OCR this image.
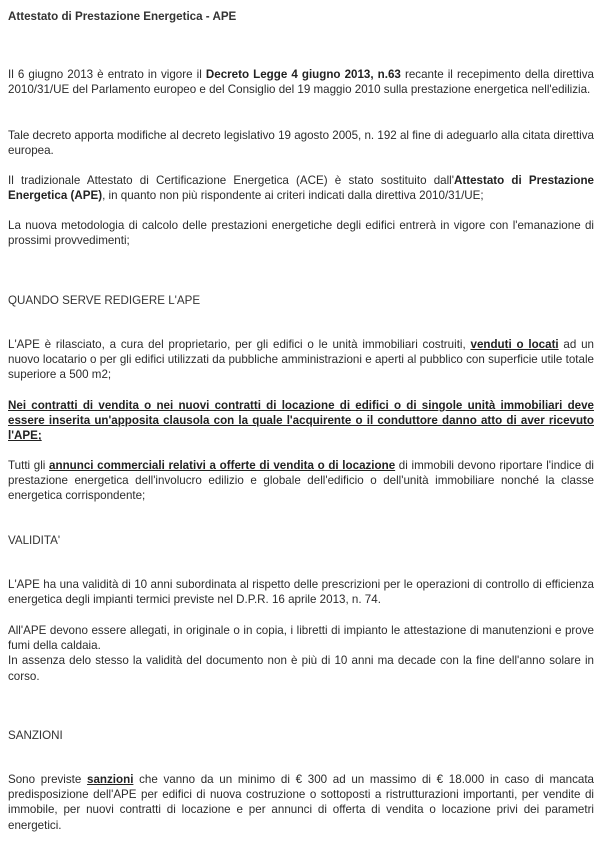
Attestato di Prestazione Energetica - APE

Il 6 giugno 2013 è entrato in vigore il Decreto Legge 4 giugno 2013, n.63 recante il recepimento della direttiva 2010/31/UE del Parlamento europeo e del Consiglio del 19 maggio 2010 sulla prestazione energetica nell'edilizia.

Tale decreto apporta modifiche al decreto legislativo 19 agosto 2005, n. 192 al fine di adeguarlo alla citata direttiva europea.

Il tradizionale Attestato di Certificazione Energetica (ACE) è stato sostituito dall'Attestato di Prestazione Energetica (APE), in quanto non più rispondente ai criteri indicati dalla direttiva 2010/31/UE;

La nuova metodologia di calcolo delle prestazioni energetiche degli edifici entrerà in vigore con l'emanazione di prossimi provvedimenti;

QUANDO SERVE REDIGERE L'APE

L'APE è rilasciato, a cura del proprietario, per gli edifici o le unità immobiliari costruiti, venduti o locati ad un nuovo locatario o per gli edifici utilizzati da pubbliche amministrazioni e aperti al pubblico con superficie utile totale superiore a 500 m2;

Nei contratti di vendita o nei nuovi contratti di locazione di edifici o di singole unità immobiliari deve essere inserita un'apposita clausola con la quale l'acquirente o il conduttore danno atto di aver ricevuto l'APE;

Tutti gli annunci commerciali relativi a offerte di vendita o di locazione di immobili devono riportare l'indice di prestazione energetica dell'involucro edilizio e globale dell'edificio o dell'unità immobiliare nonché la classe energetica corrispondente;

VALIDITA'

L'APE ha una validità di 10 anni subordinata al rispetto delle prescrizioni per le operazioni di controllo di efficienza energetica degli impianti termici previste nel D.P.R. 16 aprile 2013, n. 74.

All'APE devono essere allegati, in originale o in copia, i libretti di impianto le attestazione di manutenzioni e prove fumi della caldaia.
In assenza delo stesso la validità del documento non è più di 10 anni ma decade con la fine dell'anno solare in corso.

SANZIONI

Sono previste sanzioni che vanno da un minimo di € 300 ad un massimo di € 18.000 in caso di mancata predisposizione dell'APE per edifici di nuova costruzione o sottoposti a ristrutturazioni importanti, per vendite di immobile, per nuovi contratti di locazione e per annunci di offerta di vendita o locazione privi dei parametri energetici.
